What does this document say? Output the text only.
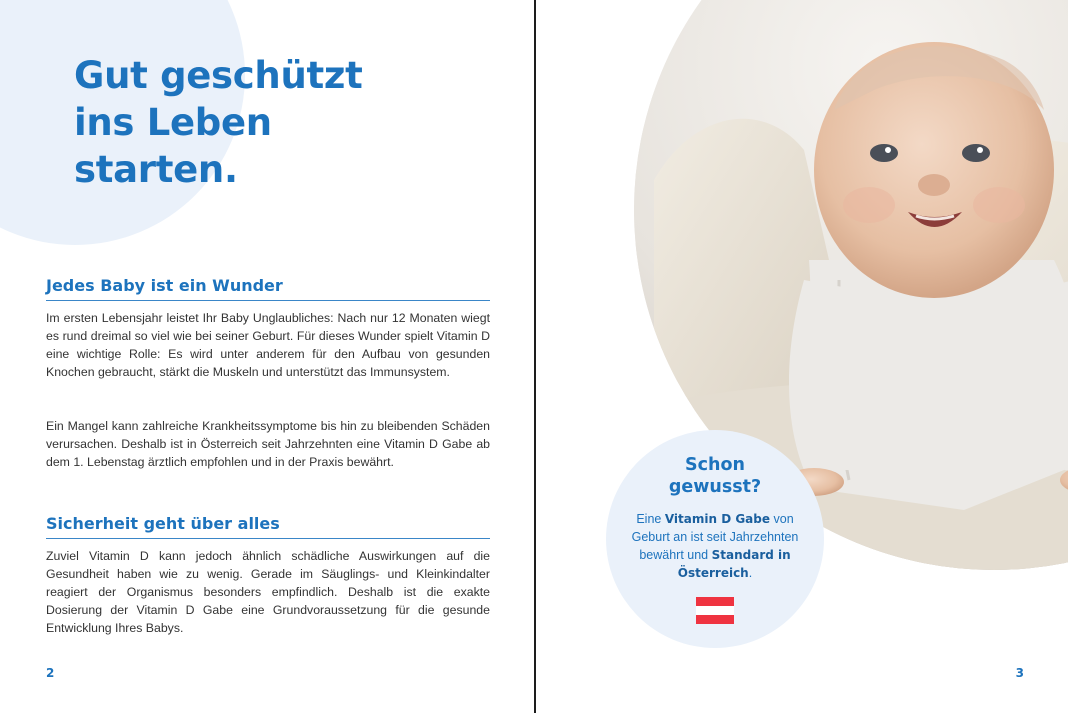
Gut geschützt
ins Leben
starten.
Jedes Baby ist ein Wunder

Im ersten Lebensjahr leistet Ihr Baby Unglaubliches: Nach nur 12 Monaten wiegt es rund dreimal so viel wie bei seiner Geburt. Für dieses Wunder spielt Vitamin D eine wichtige Rolle: Es wird unter anderem für den Aufbau von gesunden Knochen gebraucht, stärkt die Muskeln und unterstützt das Immunsystem.

Ein Mangel kann zahlreiche Krankheitssymptome bis hin zu bleibenden Schäden verursachen. Deshalb ist in Österreich seit Jahrzehnten eine Vitamin D Gabe ab dem 1. Lebenstag ärztlich empfohlen und in der Praxis bewährt.

Sicherheit geht über alles

Zuviel Vitamin D kann jedoch ähnlich schädliche Auswirkungen auf die Gesundheit haben wie zu wenig. Gerade im Säuglings- und Kleinkindalter reagiert der Organismus besonders empfindlich. Deshalb ist die exakte Dosierung der Vitamin D Gabe eine Grundvoraussetzung für die gesunde Entwicklung Ihres Babys.

2
Schon
gewusst?
Eine Vitamin D Gabe von Geburt an ist seit Jahrzehnten bewährt und Standard in Österreich.
3
